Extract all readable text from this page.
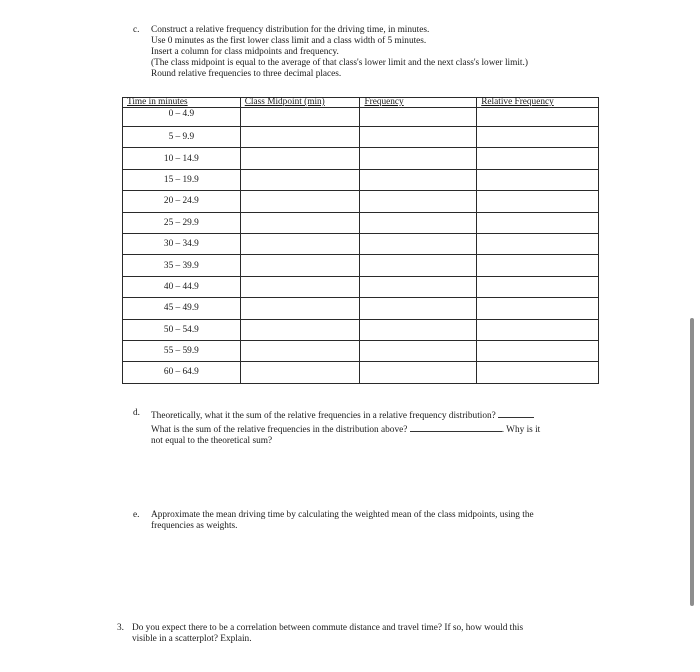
c. Construct a relative frequency distribution for the driving time, in minutes.
Use 0 minutes as the first lower class limit and a class width of 5 minutes.
Insert a column for class midpoints and frequency.
(The class midpoint is equal to the average of that class's lower limit and the next class's lower limit.)
Round relative frequencies to three decimal places.
Time in minutes	Class Midpoint (min)	Frequency	Relative Frequency
0 – 4.9			
5 – 9.9			
10 – 14.9			
15 – 19.9			
20 – 24.9			
25 – 29.9			
30 – 34.9			
35 – 39.9			
40 – 44.9			
45 – 49.9			
50 – 54.9			
55 – 59.9			
60 – 64.9			
d. Theoretically, what it the sum of the relative frequencies in a relative frequency distribution?
What is the sum of the relative frequencies in the distribution above?	. Why is it
not equal to the theoretical sum?
e. Approximate the mean driving time by calculating the weighted mean of the class midpoints, using the
frequencies as weights.
3. Do you expect there to be a correlation between commute distance and travel time? If so, how would this
visible in a scatterplot? Explain.
